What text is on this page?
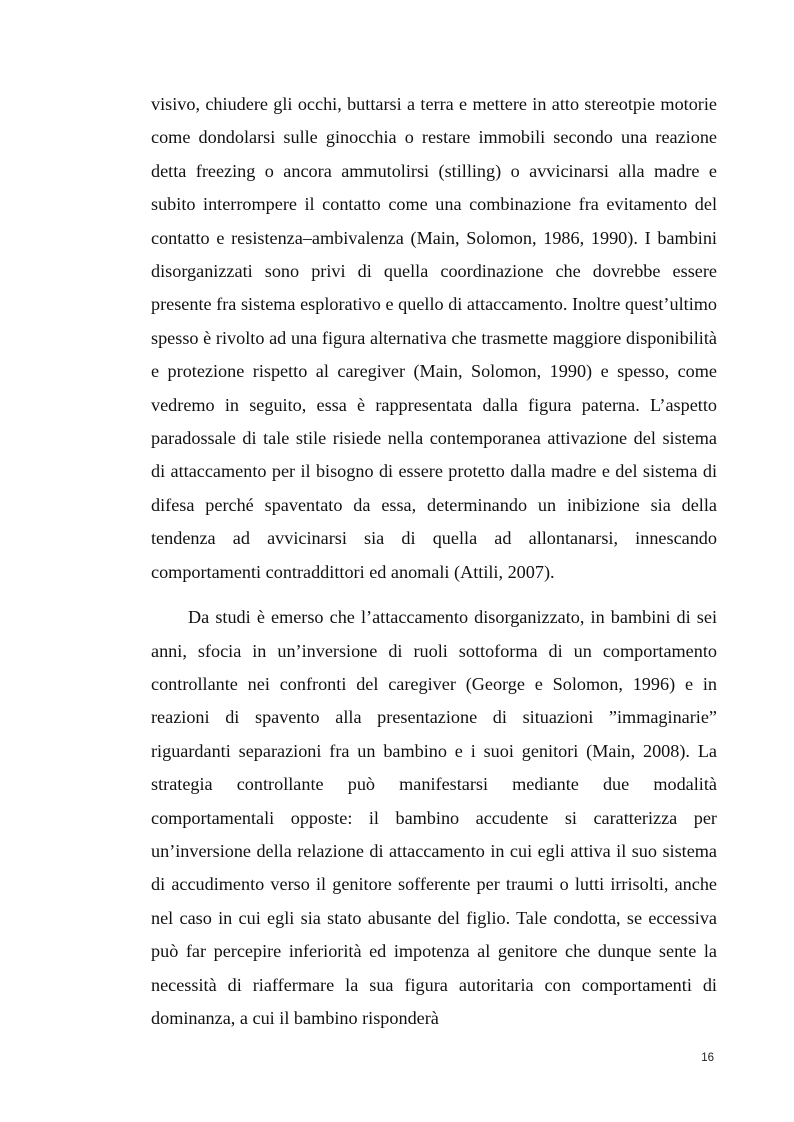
visivo, chiudere gli occhi, buttarsi a terra e mettere in atto stereotpie motorie come dondolarsi sulle ginocchia o restare immobili secondo una reazione detta freezing o ancora ammutolirsi (stilling) o avvicinarsi alla madre e subito interrompere il contatto come una combinazione fra evitamento del contatto e resistenza–ambivalenza (Main, Solomon, 1986, 1990). I bambini disorganizzati sono privi di quella coordinazione che dovrebbe essere presente fra sistema esplorativo e quello di attaccamento. Inoltre quest’ultimo spesso è rivolto ad una figura alternativa che trasmette maggiore disponibilità e protezione rispetto al caregiver (Main, Solomon, 1990) e spesso, come vedremo in seguito, essa è rappresentata dalla figura paterna. L’aspetto paradossale di tale stile risiede nella contemporanea attivazione del sistema di attaccamento per il bisogno di essere protetto dalla madre e del sistema di difesa perché spaventato da essa, determinando un inibizione sia della tendenza ad avvicinarsi sia di quella ad allontanarsi, innescando comportamenti contraddittori ed anomali (Attili, 2007).

Da studi è emerso che l’attaccamento disorganizzato, in bambini di sei anni, sfocia in un’inversione di ruoli sottoforma di un comportamento controllante nei confronti del caregiver (George e Solomon, 1996) e in reazioni di spavento alla presentazione di situazioni ”immaginarie” riguardanti separazioni fra un bambino e i suoi genitori (Main, 2008). La strategia controllante può manifestarsi mediante due modalità comportamentali opposte: il bambino accudente si caratterizza per un’inversione della relazione di attaccamento in cui egli attiva il suo sistema di accudimento verso il genitore sofferente per traumi o lutti irrisolti, anche nel caso in cui egli sia stato abusante del figlio. Tale condotta, se eccessiva può far percepire inferiorità ed impotenza al genitore che dunque sente la necessità di riaffermare la sua figura autoritaria con comportamenti di dominanza, a cui il bambino risponderà

16
